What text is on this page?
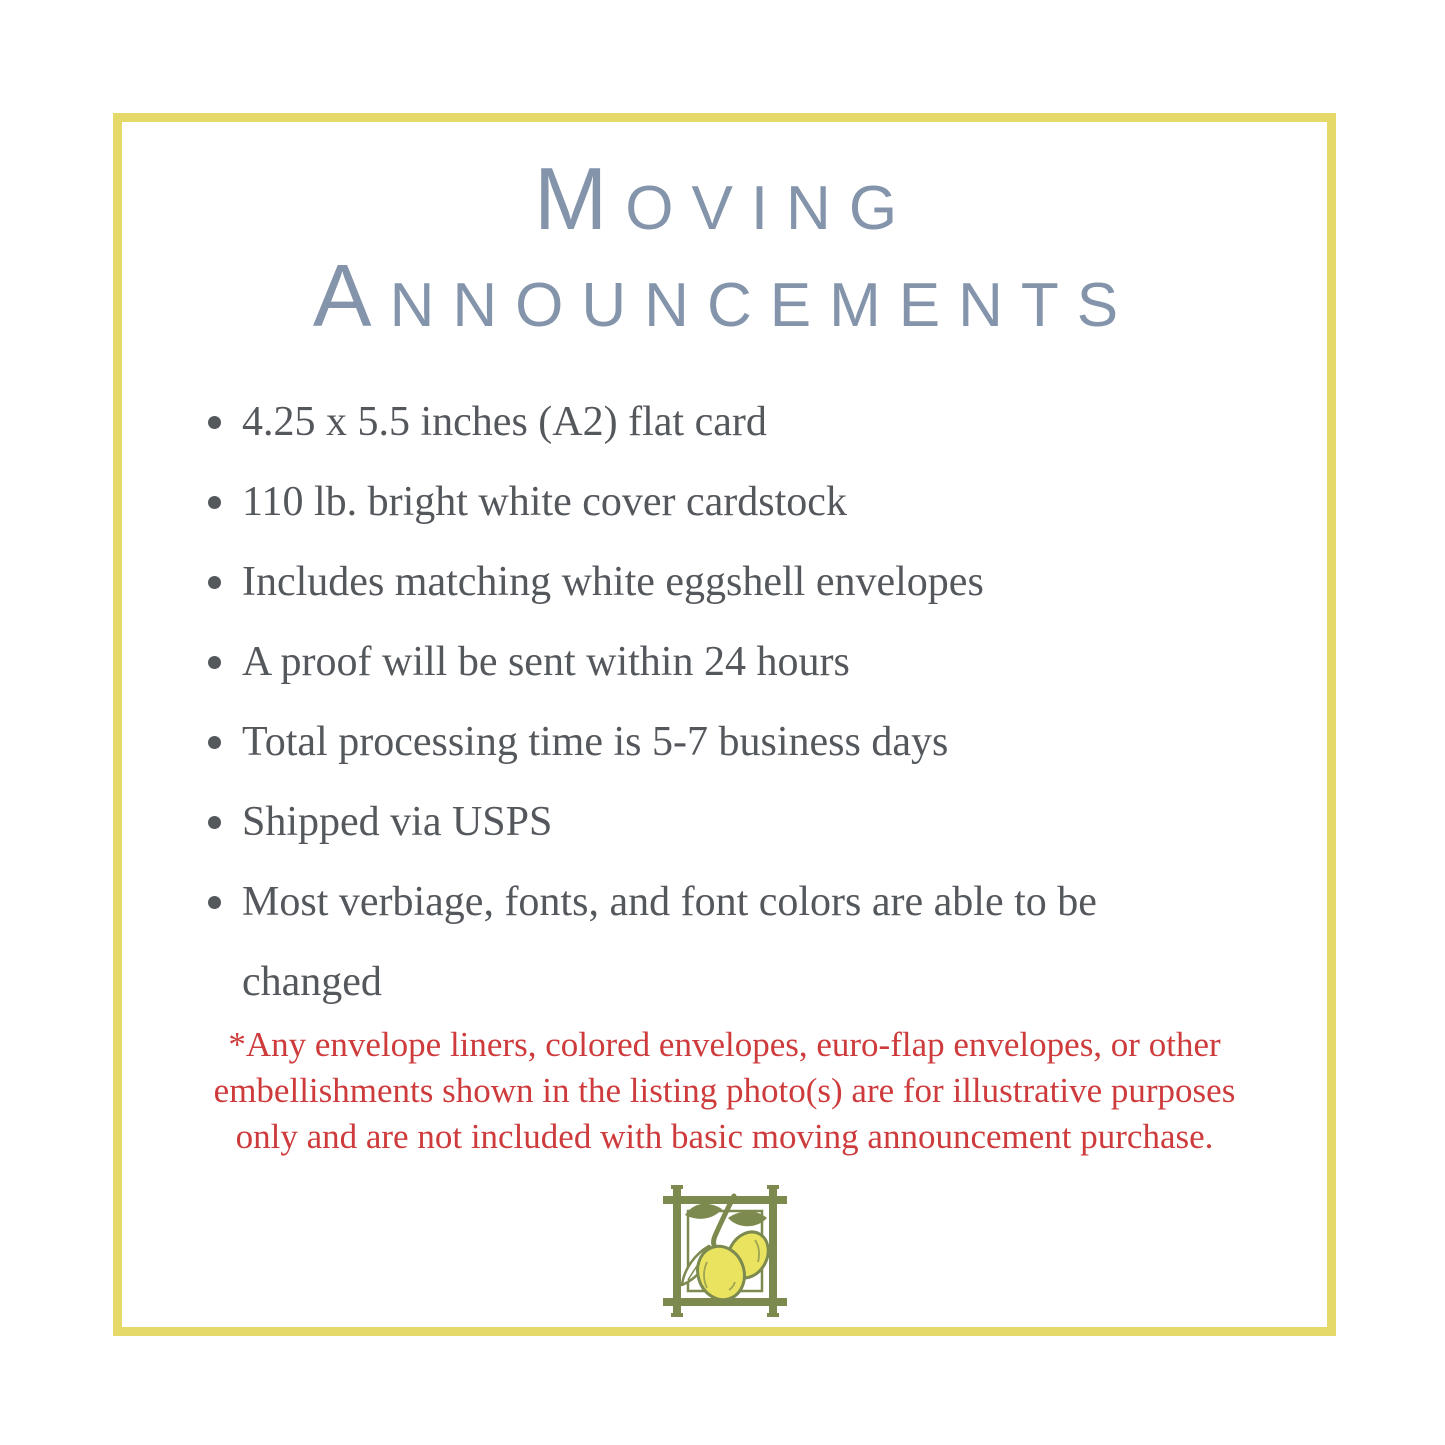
Moving Announcements
4.25 x 5.5 inches (A2) flat card
110 lb. bright white cover cardstock
Includes matching white eggshell envelopes
A proof will be sent within 24 hours
Total processing time is 5-7 business days
Shipped via USPS
Most verbiage, fonts, and font colors are able to be changed
*Any envelope liners, colored envelopes, euro-flap envelopes, or other
embellishments shown in the listing photo(s) are for illustrative purposes
only and are not included with basic moving announcement purchase.
